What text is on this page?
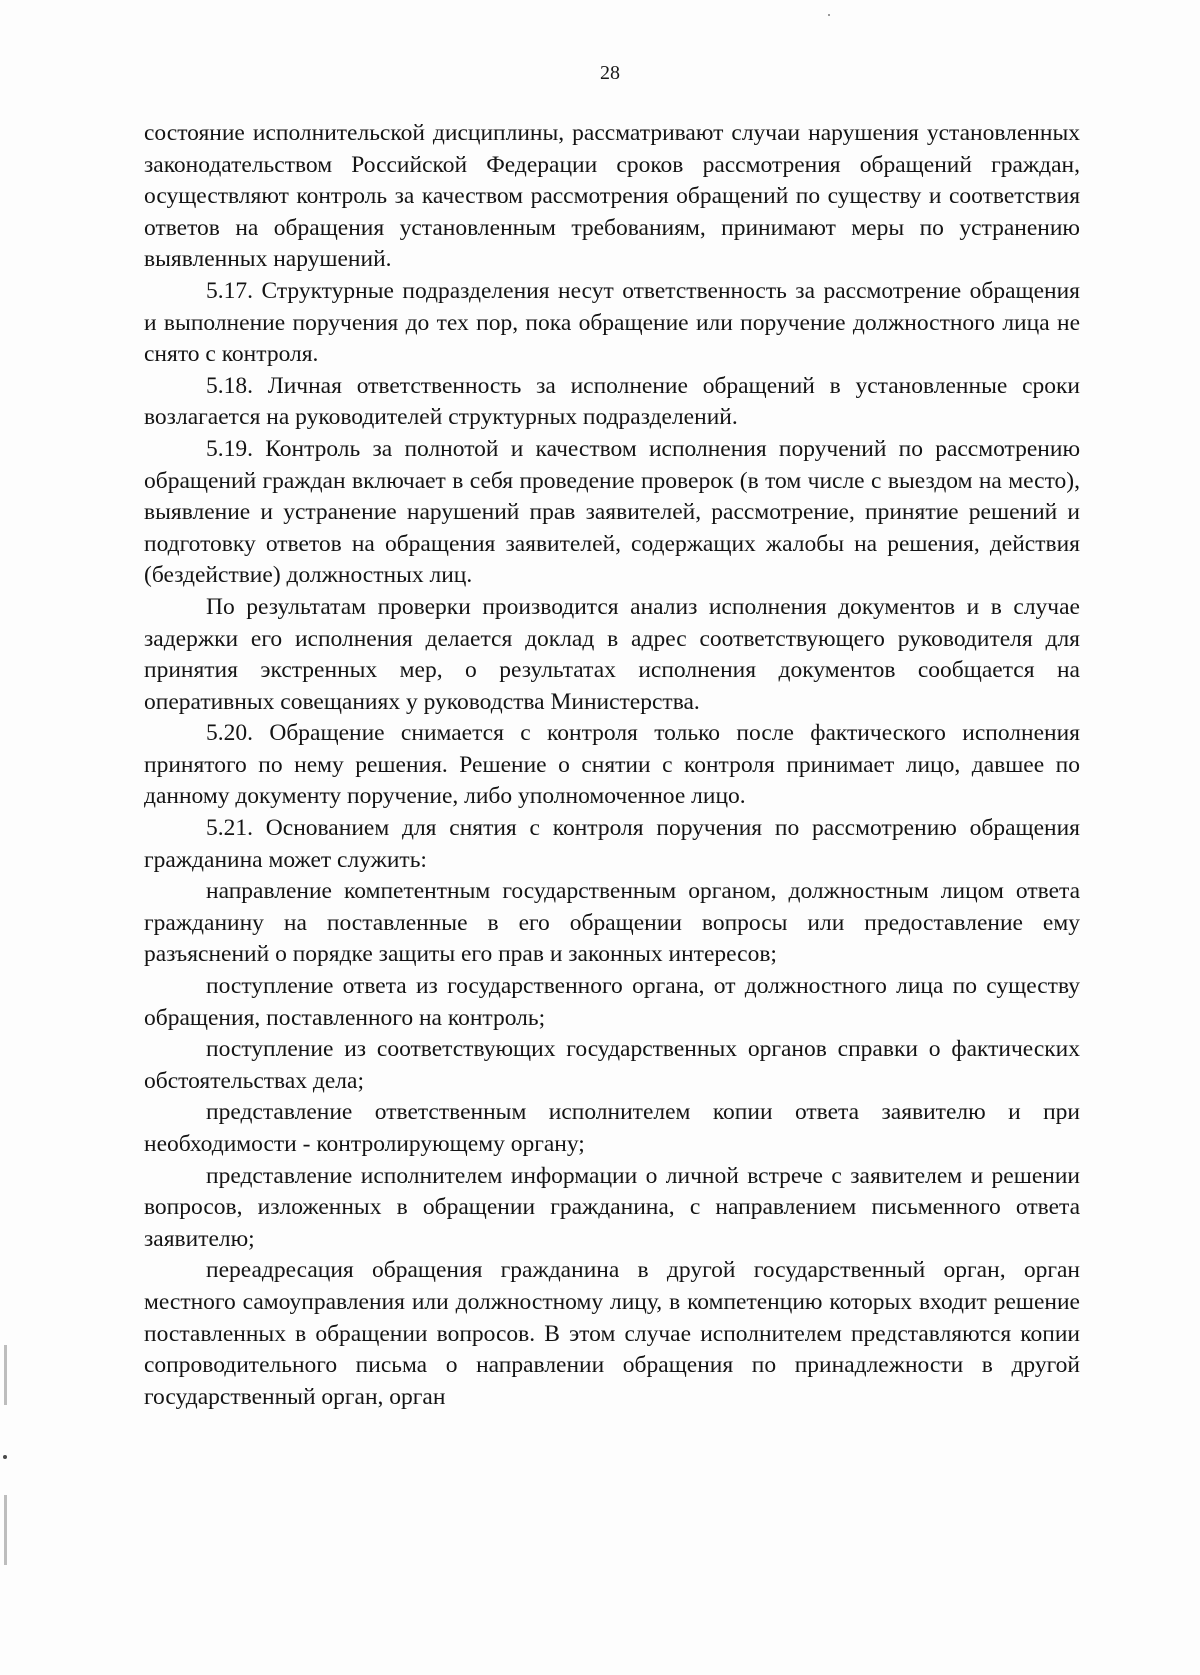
28

состояние исполнительской дисциплины, рассматривают случаи нарушения установленных законодательством Российской Федерации сроков рассмотрения обращений граждан, осуществляют контроль за качеством рассмотрения обращений по существу и соответствия ответов на обращения установленным требованиям, принимают меры по устранению выявленных нарушений.

5.17. Структурные подразделения несут ответственность за рассмотрение обращения и выполнение поручения до тех пор, пока обращение или поручение должностного лица не снято с контроля.

5.18. Личная ответственность за исполнение обращений в установленные сроки возлагается на руководителей структурных подразделений.

5.19. Контроль за полнотой и качеством исполнения поручений по рассмотрению обращений граждан включает в себя проведение проверок (в том числе с выездом на место), выявление и устранение нарушений прав заявителей, рассмотрение, принятие решений и подготовку ответов на обращения заявителей, содержащих жалобы на решения, действия (бездействие) должностных лиц.

По результатам проверки производится анализ исполнения документов и в случае задержки его исполнения делается доклад в адрес соответствующего руководителя для принятия экстренных мер, о результатах исполнения документов сообщается на оперативных совещаниях у руководства Министерства.

5.20. Обращение снимается с контроля только после фактического исполнения принятого по нему решения. Решение о снятии с контроля принимает лицо, давшее по данному документу поручение, либо уполномоченное лицо.

5.21. Основанием для снятия с контроля поручения по рассмотрению обращения гражданина может служить:

направление компетентным государственным органом, должностным лицом ответа гражданину на поставленные в его обращении вопросы или предоставление ему разъяснений о порядке защиты его прав и законных интересов;

поступление ответа из государственного органа, от должностного лица по существу обращения, поставленного на контроль;

поступление из соответствующих государственных органов справки о фактических обстоятельствах дела;

представление ответственным исполнителем копии ответа заявителю и при необходимости - контролирующему органу;

представление исполнителем информации о личной встрече с заявителем и решении вопросов, изложенных в обращении гражданина, с направлением письменного ответа заявителю;

переадресация обращения гражданина в другой государственный орган, орган местного самоуправления или должностному лицу, в компетенцию которых входит решение поставленных в обращении вопросов. В этом случае исполнителем представляются копии сопроводительного письма о направлении обращения по принадлежности в другой государственный орган, орган
